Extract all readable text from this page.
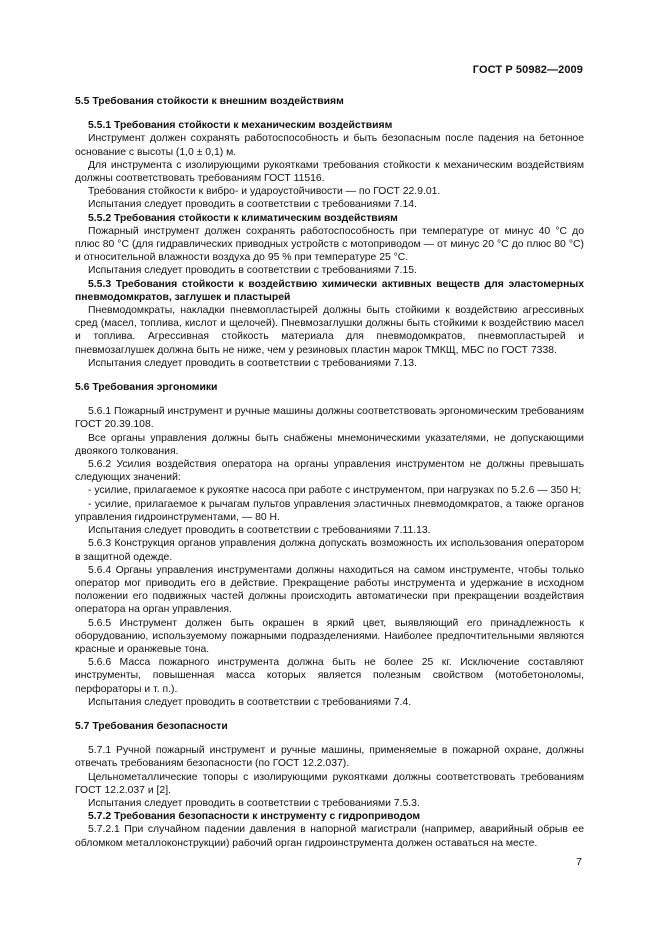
ГОСТ Р 50982—2009

5.5 Требования стойкости к внешним воздействиям

5.5.1 Требования стойкости к механическим воздействиям

Инструмент должен сохранять работоспособность и быть безопасным после падения на бетонное основание с высоты (1,0 ± 0,1) м.

Для инструмента с изолирующими рукоятками требования стойкости к механическим воздействиям должны соответствовать требованиям ГОСТ 11516.

Требования стойкости к вибро- и удароустойчивости — по ГОСТ 22.9.01.

Испытания следует проводить в соответствии с требованиями 7.14.

5.5.2 Требования стойкости к климатическим воздействиям

Пожарный инструмент должен сохранять работоспособность при температуре от минус 40 °С до плюс 80 °С (для гидравлических приводных устройств с мотоприводом — от минус 20 °С до плюс 80 °С) и относительной влажности воздуха до 95 % при температуре 25 °С.

Испытания следует проводить в соответствии с требованиями 7.15.

5.5.3 Требования стойкости к воздействию химически активных веществ для эластомерных пневмодомкратов, заглушек и пластырей

Пневмодомкраты, накладки пневмопластырей должны быть стойкими к воздействию агрессивных сред (масел, топлива, кислот и щелочей). Пневмозаглушки должны быть стойкими к воздействию масел и топлива. Агрессивная стойкость материала для пневмодомкратов, пневмопластырей и пневмозаглушек должна быть не ниже, чем у резиновых пластин марок ТМКЩ, МБС по ГОСТ 7338.

Испытания следует проводить в соответствии с требованиями 7.13.

5.6 Требования эргономики

5.6.1 Пожарный инструмент и ручные машины должны соответствовать эргономическим требованиям ГОСТ 20.39.108.

Все органы управления должны быть снабжены мнемоническими указателями, не допускающими двоякого толкования.

5.6.2 Усилия воздействия оператора на органы управления инструментом не должны превышать следующих значений:

- усилие, прилагаемое к рукоятке насоса при работе с инструментом, при нагрузках по 5.2.6 — 350 Н;

- усилие, прилагаемое к рычагам пультов управления эластичных пневмодомкратов, а также органов управления гидроинструментами, — 80 Н.

Испытания следует проводить в соответствии с требованиями 7.11.13.

5.6.3 Конструкция органов управления должна допускать возможность их использования оператором в защитной одежде.

5.6.4 Органы управления инструментами должны находиться на самом инструменте, чтобы только оператор мог приводить его в действие. Прекращение работы инструмента и удержание в исходном положении его подвижных частей должны происходить автоматически при прекращении воздействия оператора на орган управления.

5.6.5 Инструмент должен быть окрашен в яркий цвет, выявляющий его принадлежность к оборудованию, используемому пожарными подразделениями. Наиболее предпочтительными являются красные и оранжевые тона.

5.6.6 Масса пожарного инструмента должна быть не более 25 кг. Исключение составляют инструменты, повышенная масса которых является полезным свойством (мотобетоноломы, перфораторы и т. п.).

Испытания следует проводить в соответствии с требованиями 7.4.

5.7 Требования безопасности

5.7.1 Ручной пожарный инструмент и ручные машины, применяемые в пожарной охране, должны отвечать требованиям безопасности (по ГОСТ 12.2.037).

Цельнометаллические топоры с изолирующими рукоятками должны соответствовать требованиям ГОСТ 12.2.037 и [2].

Испытания следует проводить в соответствии с требованиями 7.5.3.

5.7.2 Требования безопасности к инструменту с гидроприводом

5.7.2.1 При случайном падении давления в напорной магистрали (например, аварийный обрыв ее обломком металлоконструкции) рабочий орган гидроинструмента должен оставаться на месте.

7
